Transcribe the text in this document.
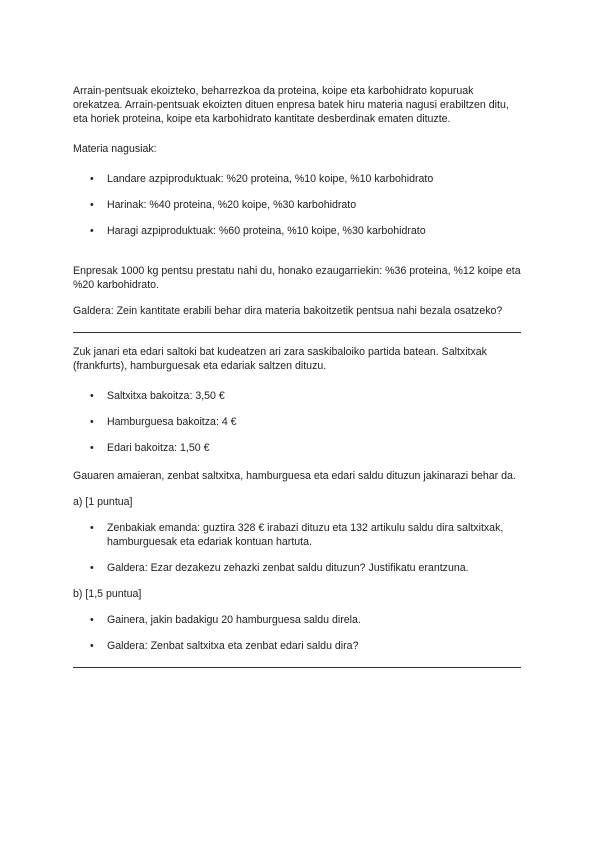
Arrain-pentsuak ekoizteko, beharrezkoa da proteina, koipe eta karbohidrato kopuruak orekatzea. Arrain-pentsuak ekoizten dituen enpresa batek hiru materia nagusi erabiltzen ditu, eta horiek proteina, koipe eta karbohidrato kantitate desberdinak ematen dituzte.

Materia nagusiak:

• Landare azpiproduktuak: %20 proteina, %10 koipe, %10 karbohidrato
• Harinak: %40 proteina, %20 koipe, %30 karbohidrato
• Haragi azpiproduktuak: %60 proteina, %10 koipe, %30 karbohidrato

Enpresak 1000 kg pentsu prestatu nahi du, honako ezaugarriekin: %36 proteina, %12 koipe eta %20 karbohidrato.

Galdera: Zein kantitate erabili behar dira materia bakoitzetik pentsua nahi bezala osatzeko?

Zuk janari eta edari saltoki bat kudeatzen ari zara saskibaloiko partida batean. Saltxitxak (frankfurts), hamburguesak eta edariak saltzen dituzu.

• Saltxitxa bakoitza: 3,50 €
• Hamburguesa bakoitza: 4 €
• Edari bakoitza: 1,50 €

Gauaren amaieran, zenbat saltxitxa, hamburguesa eta edari saldu dituzun jakinarazi behar da.

a) [1 puntua]

• Zenbakiak emanda: guztira 328 € irabazi dituzu eta 132 artikulu saldu dira saltxitxak, hamburguesak eta edariak kontuan hartuta.
• Galdera: Ezar dezakezu zehazki zenbat saldu dituzun? Justifikatu erantzuna.

b) [1,5 puntua]

• Gainera, jakin badakigu 20 hamburguesa saldu direla.
• Galdera: Zenbat saltxitxa eta zenbat edari saldu dira?
